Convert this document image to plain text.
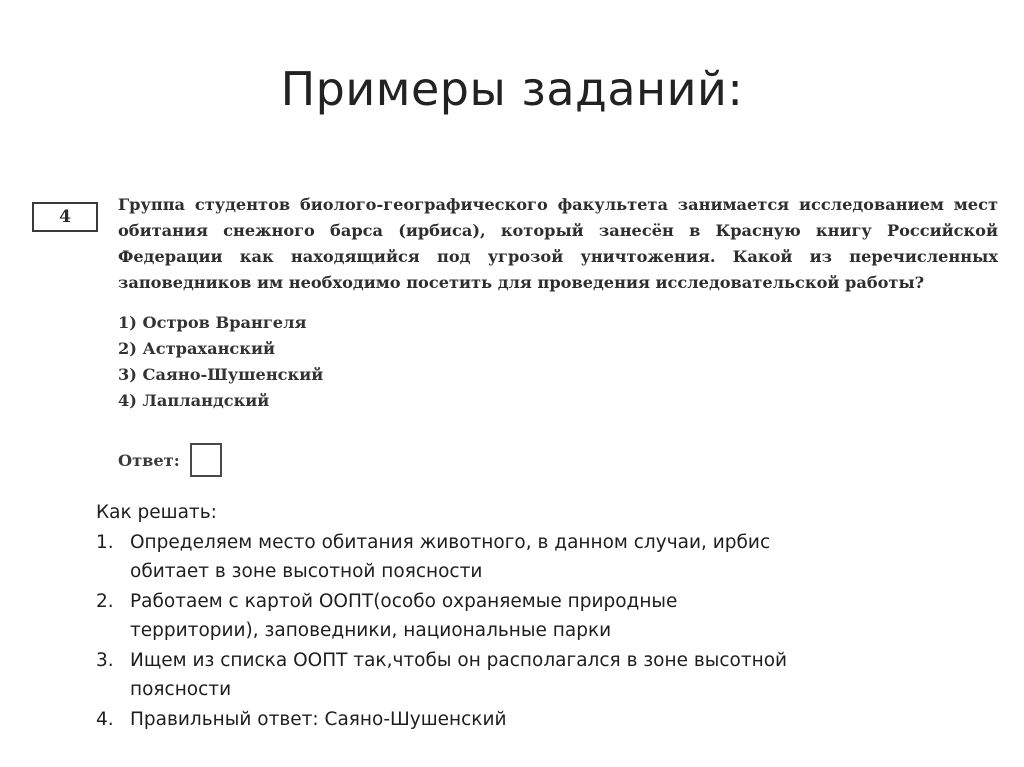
Примеры заданий:
4
Группа студентов биолого-географического факультета занимается исследованием мест обитания снежного барса (ирбиса), который занесён в Красную книгу Российской Федерации как находящийся под угрозой уничтожения. Какой из перечисленных заповедников им необходимо посетить для проведения исследовательской работы?
1) Остров Врангеля
2) Астраханский
3) Саяно-Шушенский
4) Лапландский
Ответ:

Как решать:

1. Определяем место обитания животного, в данном случаи, ирбис обитает в зоне высотной поясности
2. Работаем с картой ООПТ(особо охраняемые природные территории), заповедники, национальные парки
3. Ищем из списка ООПТ так,чтобы он располагался в зоне высотной поясности
4. Правильный ответ: Саяно-Шушенский
